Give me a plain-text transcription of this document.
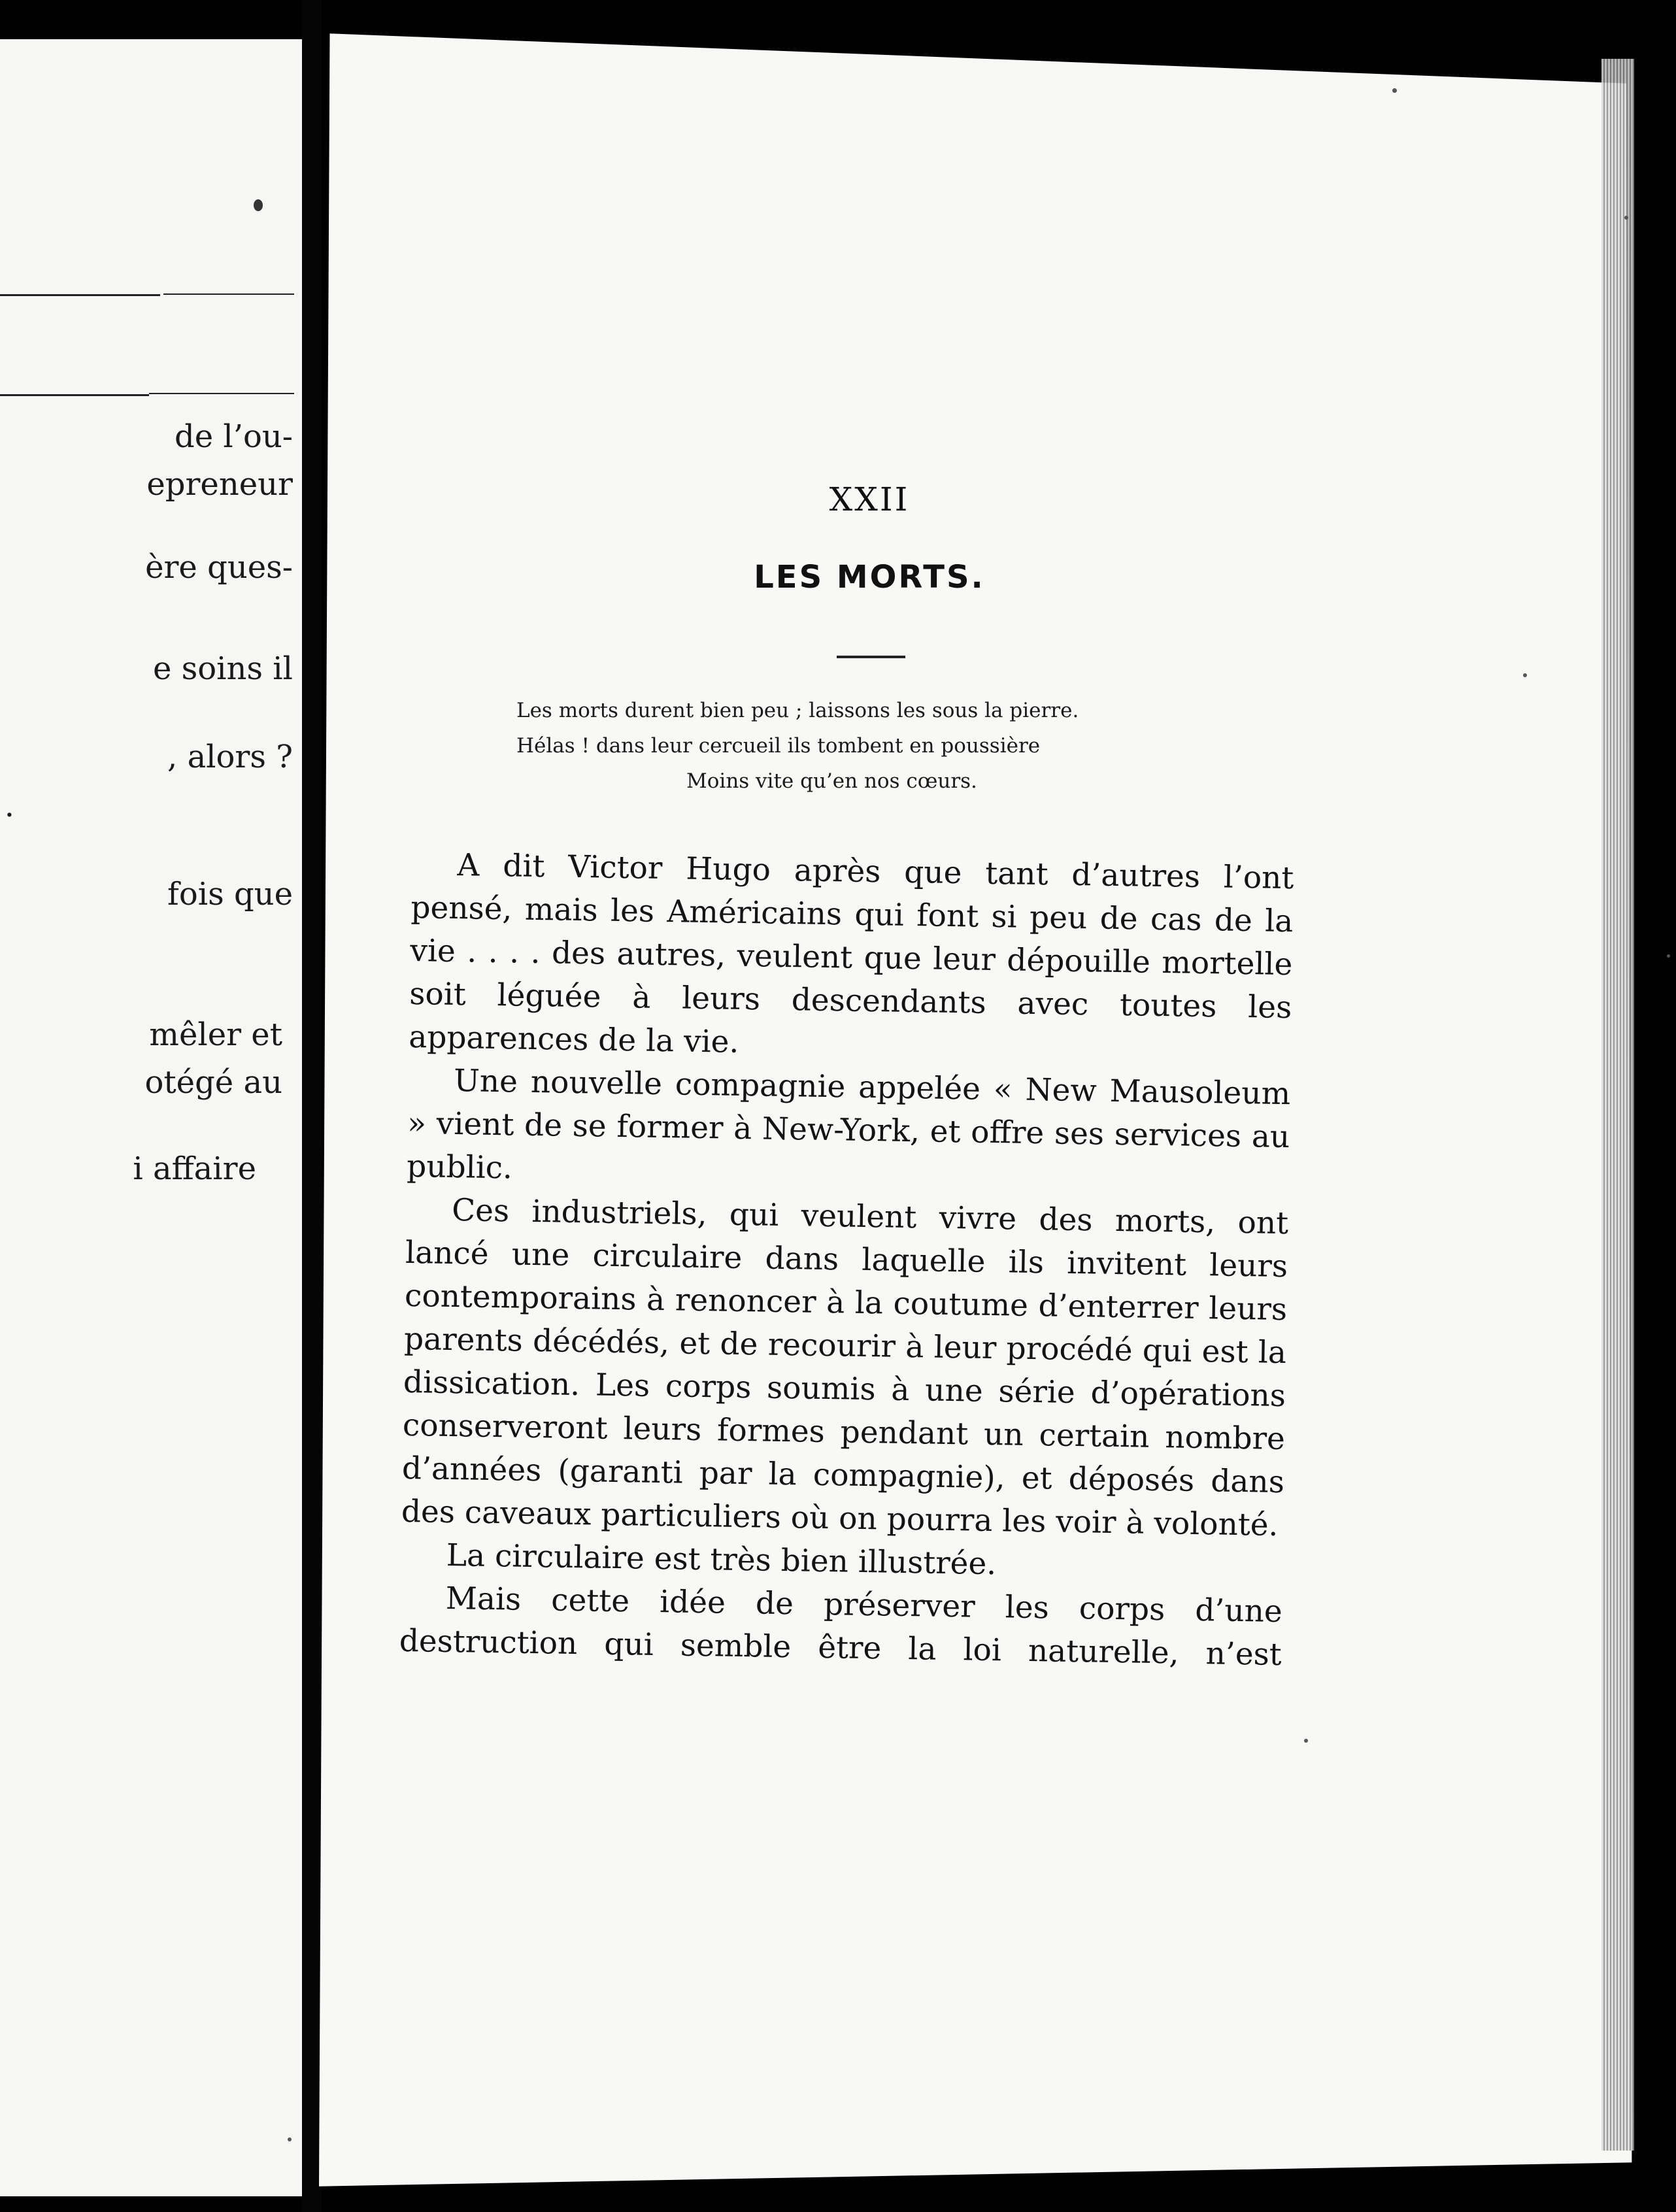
de l’ou-
epreneur
ère ques-
e soins il
, alors ?
.
fois que
mêler et
otégé au
i affaire
XXII
LES MORTS.
Les morts durent bien peu ; laissons les sous la pierre.
Hélas ! dans leur cercueil ils tombent en poussière
Moins vite qu’en nos cœurs.

A dit Victor Hugo après que tant d’autres l’ont pensé, mais les Américains qui font si peu de cas de la vie . . . . des autres, veulent que leur dépouille mortelle soit léguée à leurs descendants avec toutes les apparences de la vie.

Une nouvelle compagnie appelée « New Mausoleum » vient de se former à New-York, et offre ses services au public.

Ces industriels, qui veulent vivre des morts, ont lancé une circulaire dans laquelle ils invitent leurs contemporains à renoncer à la coutume d’enterrer leurs parents décédés, et de recourir à leur procédé qui est la dissication. Les corps soumis à une série d’opérations conserveront leurs formes pendant un certain nombre d’années (garanti par la compagnie), et déposés dans des caveaux particuliers où on pourra les voir à volonté.

La circulaire est très bien illustrée.

Mais cette idée de préserver les corps d’une destruction qui semble être la loi naturelle, n’est
